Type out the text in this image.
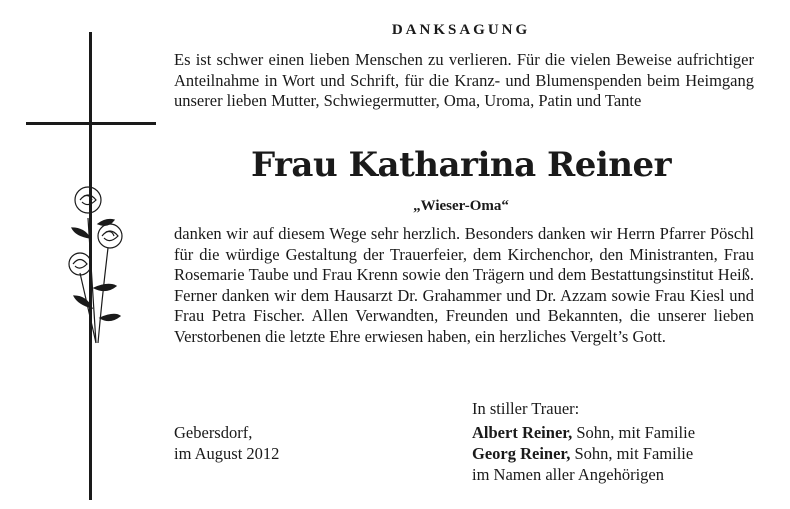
DANKSAGUNG
Es ist schwer einen lieben Menschen zu verlieren. Für die vielen Beweise aufrichtiger Anteilnahme in Wort und Schrift, für die Kranz- und Blumenspenden beim Heimgang unserer lieben Mutter, Schwiegermutter, Oma, Uroma, Patin und Tante
Frau Katharina Reiner
„Wieser-Oma“
danken wir auf diesem Wege sehr herzlich. Besonders danken wir Herrn Pfarrer Pöschl für die würdige Gestaltung der Trauerfeier, dem Kirchenchor, den Ministranten, Frau Rosemarie Taube und Frau Krenn sowie den Trägern und dem Bestattungsinstitut Heiß. Ferner danken wir dem Hausarzt Dr. Grahammer und Dr. Azzam sowie Frau Kiesl und Frau Petra Fischer. Allen Verwandten, Freunden und Bekannten, die unserer lieben Verstorbenen die letzte Ehre erwiesen haben, ein herzliches Vergelt’s Gott.
Gebersdorf,
im August 2012
In stiller Trauer:
Albert Reiner, Sohn, mit Familie
Georg Reiner, Sohn, mit Familie
im Namen aller Angehörigen
